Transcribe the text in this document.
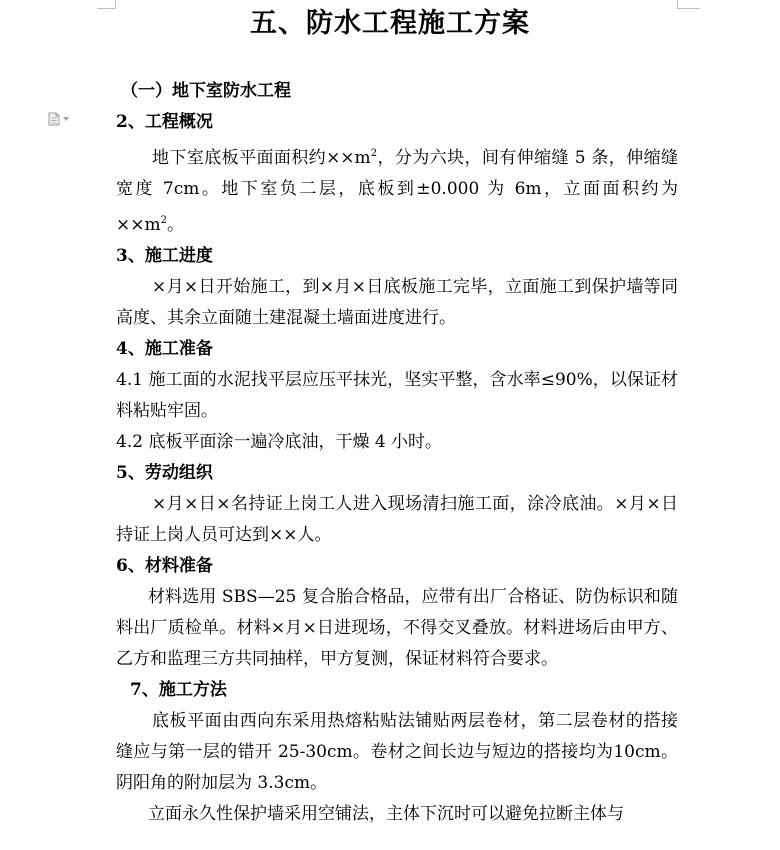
五、防水工程施工方案
（一）地下室防水工程
2、工程概况
地下室底板平面面积约$\times\times m^2$，分为六块，间有伸缩缝 5 条，伸缩缝宽度 7cm。地下室负二层，底板到±0.000 为 6m，立面面积约为$\times\times m^2$。
3、施工进度
×月×日开始施工，到×月×日底板施工完毕，立面施工到保护墙等同高度、其余立面随土建混凝土墙面进度进行。
4、施工准备
4.1 施工面的水泥找平层应压平抹光，坚实平整，含水率≤90%，以保证材料粘贴牢固。
4.2 底板平面涂一遍冷底油，干燥 4 小时。
5、劳动组织
×月×日×名持证上岗工人进入现场清扫施工面，涂冷底油。×月×日持证上岗人员可达到××人。
6、材料准备
材料选用 SBS—25 复合胎合格品，应带有出厂合格证、防伪标识和随料出厂质检单。材料×月×日进现场，不得交叉叠放。材料进场后由甲方、乙方和监理三方共同抽样，甲方复测，保证材料符合要求。
7、施工方法
底板平面由西向东采用热熔粘贴法铺贴两层卷材，第二层卷材的搭接缝应与第一层的错开 25-30cm。卷材之间长边与短边的搭接均为10cm。阴阳角的附加层为 3.3cm。
立面永久性保护墙采用空铺法，主体下沉时可以避免拉断主体与
